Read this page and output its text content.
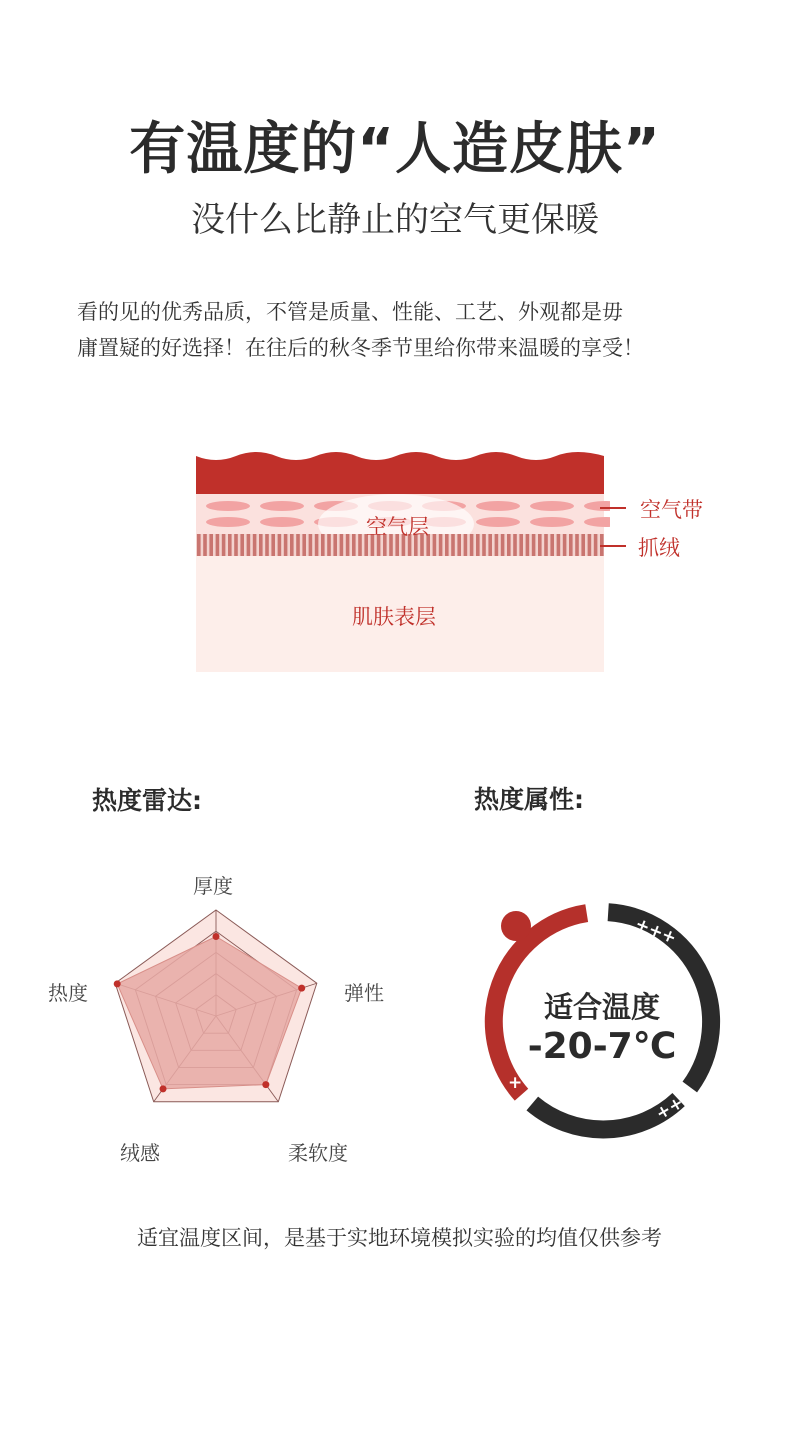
有温度的“人造皮肤”
没什么比静止的空气更保暖
看的见的优秀品质，不管是质量、性能、工艺、外观都是毋
庸置疑的好选择！在往后的秋冬季节里给你带来温暖的享受！
空气层
肌肤表层
空气带
抓绒
热度雷达:	热度属性:
厚度
弹性
柔软度
绒感
热度
+++
++
+
适合温度
-20-7℃
适宜温度区间，是基于实地环境模拟实验的均值仅供参考
